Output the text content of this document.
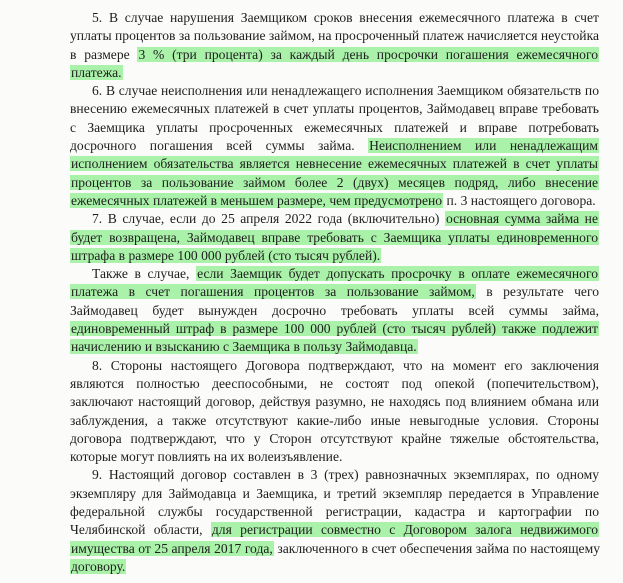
5. В случае нарушения Заемщиком сроков внесения ежемесячного платежа в счет уплаты процентов за пользование займом, на просроченный платеж начисляется неустойка в размере 3 % (три процента) за каждый день просрочки погашения ежемесячного платежа.

6. В случае неисполнения или ненадлежащего исполнения Заемщиком обязательств по внесению ежемесячных платежей в счет уплаты процентов, Займодавец вправе требовать с Заемщика уплаты просроченных ежемесячных платежей и вправе потребовать досрочного погашения всей суммы займа. Неисполнением или ненадлежащим исполнением обязательства является невнесение ежемесячных платежей в счет уплаты процентов за пользование займом более 2 (двух) месяцев подряд, либо внесение ежемесячных платежей в меньшем размере, чем предусмотрено п. 3 настоящего договора.

7. В случае, если до 25 апреля 2022 года (включительно) основная сумма займа не будет возвращена, Займодавец вправе требовать с Заемщика уплаты единовременного штрафа в размере 100 000 рублей (сто тысяч рублей).

Также в случае, если Заемщик будет допускать просрочку в оплате ежемесячного платежа в счет погашения процентов за пользование займом, в результате чего Займодавец будет вынужден досрочно требовать уплаты всей суммы займа, единовременный штраф в размере 100 000 рублей (сто тысяч рублей) также подлежит начислению и взысканию с Заемщика в пользу Займодавца.

8. Стороны настоящего Договора подтверждают, что на момент его заключения являются полностью дееспособными, не состоят под опекой (попечительством), заключают настоящий договор, действуя разумно, не находясь под влиянием обмана или заблуждения, а также отсутствуют какие-либо иные невыгодные условия. Стороны договора подтверждают, что у Сторон отсутствуют крайне тяжелые обстоятельства, которые могут повлиять на их волеизъявление.

9. Настоящий договор составлен в 3 (трех) равнозначных экземплярах, по одному экземпляру для Займодавца и Заемщика, и третий экземпляр передается в Управление федеральной службы государственной регистрации, кадастра и картографии по Челябинской области, для регистрации совместно с Договором залога недвижимого имущества от 25 апреля 2017 года, заключенного в счет обеспечения займа по настоящему договору.
